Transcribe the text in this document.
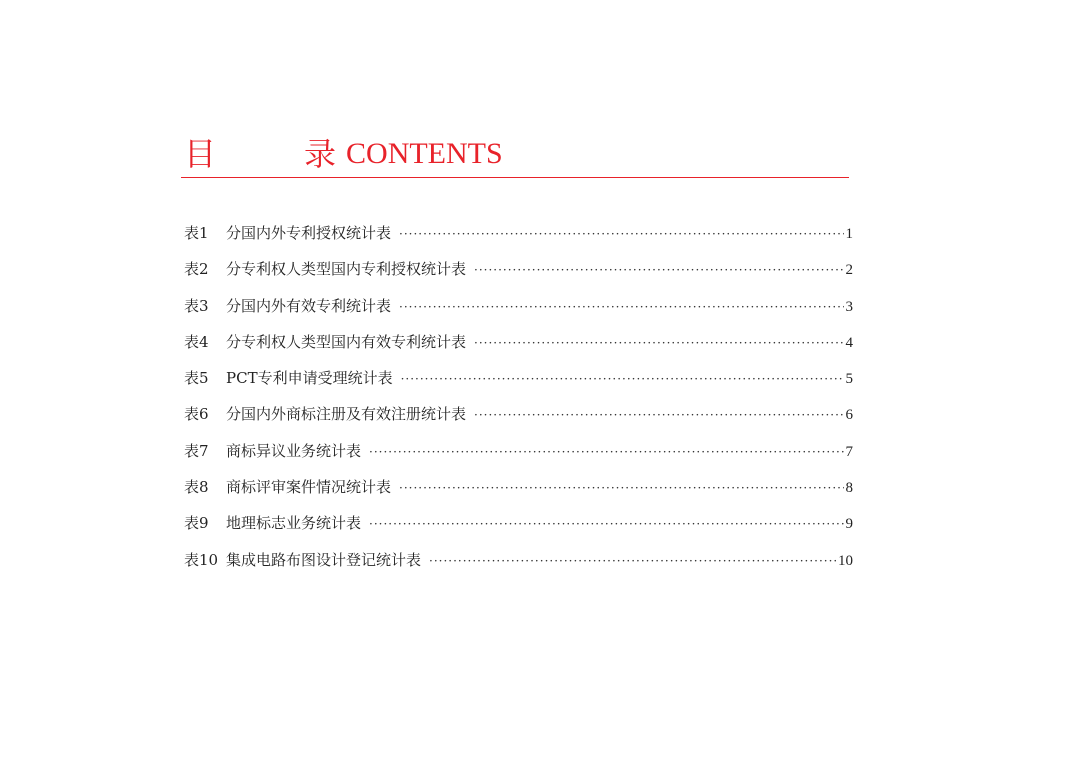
目	录 CONTENTS
表1	分国内外专利授权统计表 ·····	1
表2	分专利权人类型国内专利授权统计表 ·····	2
表3	分国内外有效专利统计表 ·····	3
表4	分专利权人类型国内有效专利统计表 ·····	4
表5	PCT专利申请受理统计表 ·····	5
表6	分国内外商标注册及有效注册统计表 ·····	6
表7	商标异议业务统计表 ·····	7
表8	商标评审案件情况统计表 ·····	8
表9	地理标志业务统计表 ·····	9
表10 集成电路布图设计登记统计表 ·····	10
